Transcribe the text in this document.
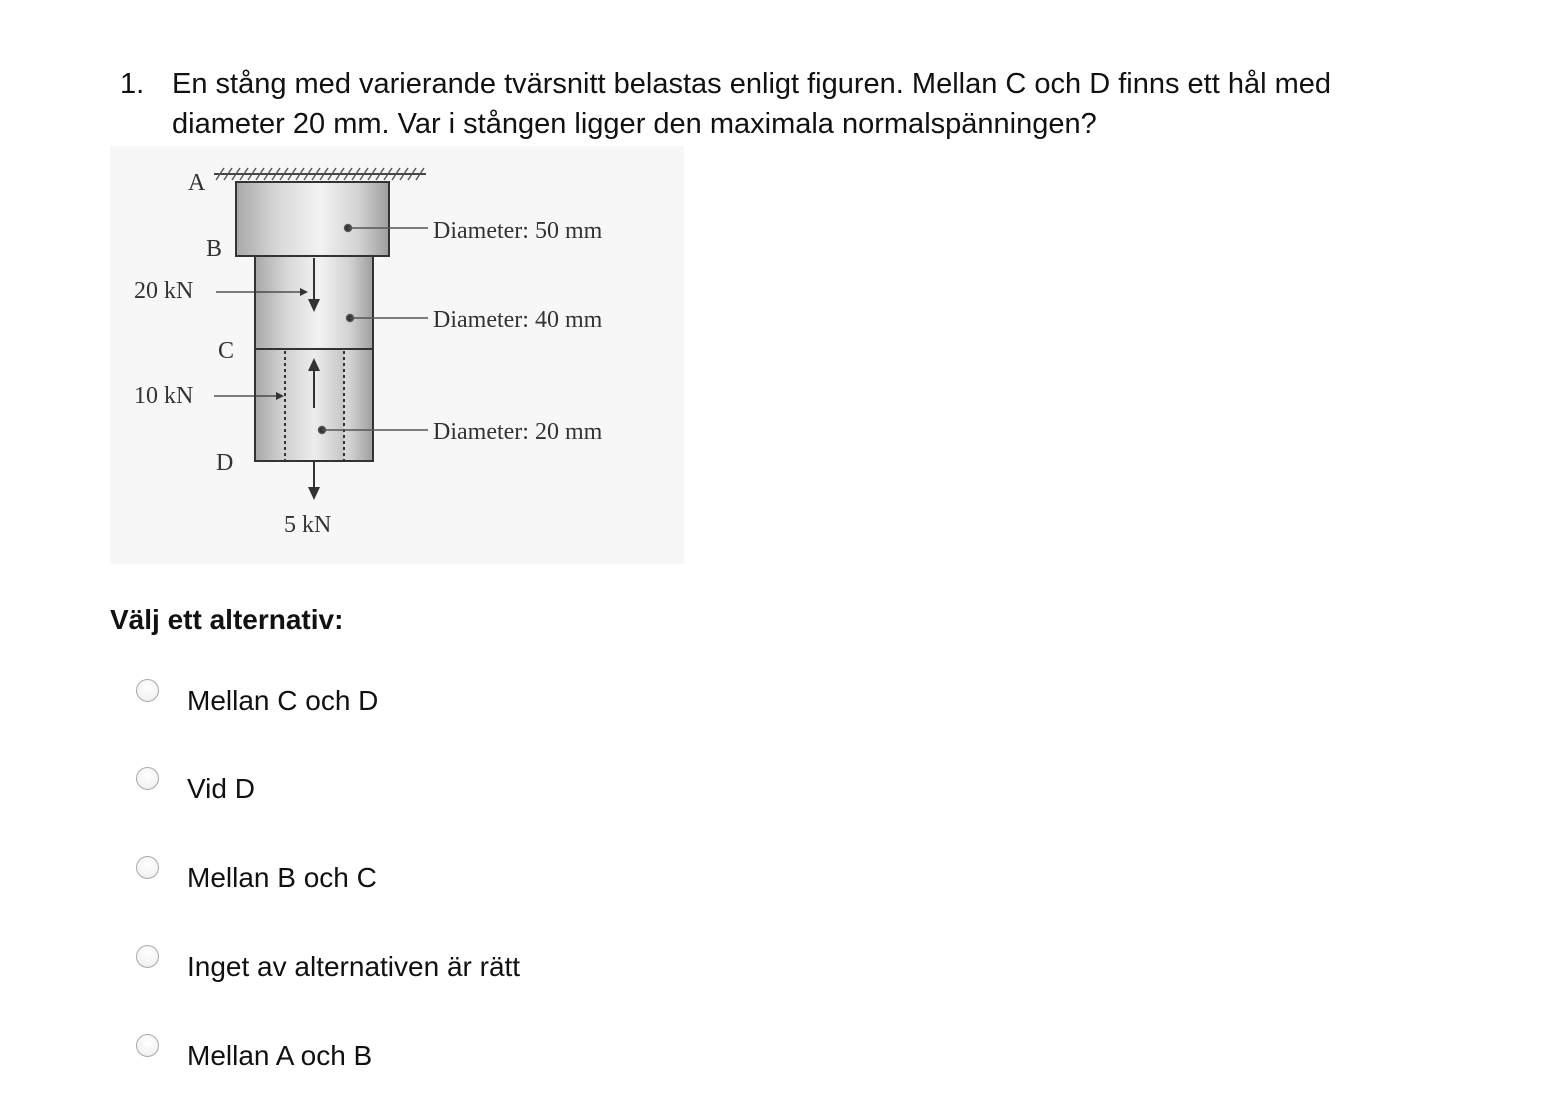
1. En stång med varierande tvärsnitt belastas enligt figuren. Mellan C och D finns ett hål med diameter 20 mm. Var i stången ligger den maximala normalspänningen?
A
B
C
D
20 kN
10 kN
5 kN
Diameter: 50 mm
Diameter: 40 mm
Diameter: 20 mm
Välj ett alternativ:
Mellan C och D
Vid D
Mellan B och C
Inget av alternativen är rätt
Mellan A och B
